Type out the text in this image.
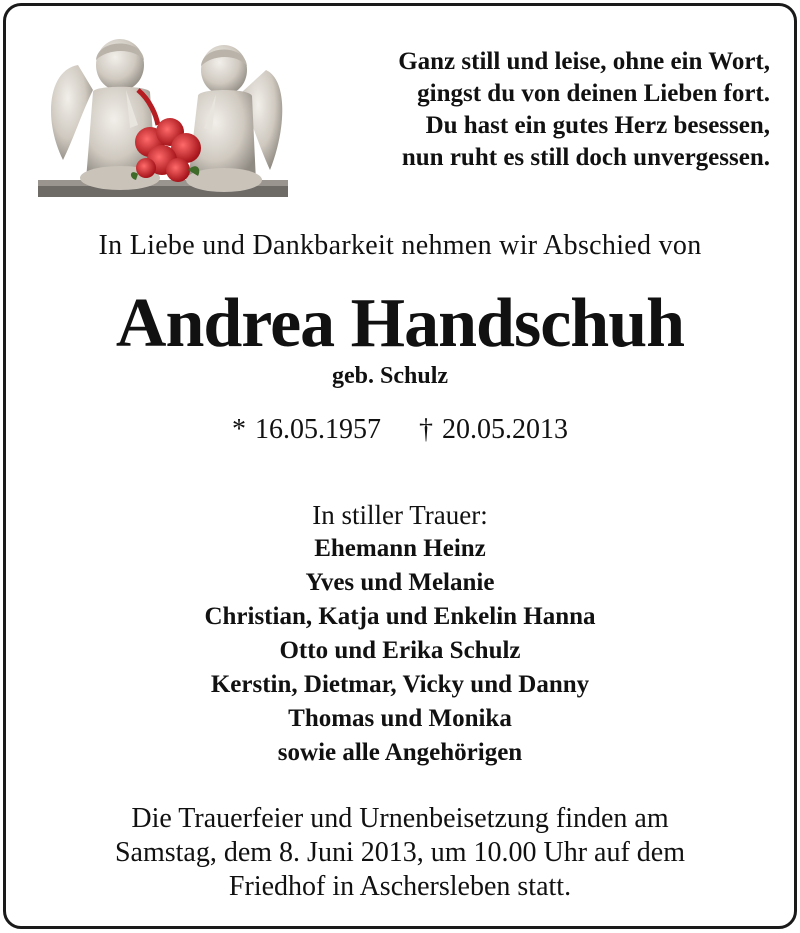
Ganz still und leise, ohne ein Wort,
gingst du von deinen Lieben fort.
Du hast ein gutes Herz besessen,
nun ruht es still doch unvergessen.
In Liebe und Dankbarkeit nehmen wir Abschied von
Andrea Handschuh
geb. Schulz
* 16.05.1957 † 20.05.2013
In stiller Trauer:
Ehemann Heinz
Yves und Melanie
Christian, Katja und Enkelin Hanna
Otto und Erika Schulz
Kerstin, Dietmar, Vicky und Danny
Thomas und Monika
sowie alle Angehörigen
Die Trauerfeier und Urnenbeisetzung finden am
Samstag, dem 8. Juni 2013, um 10.00 Uhr auf dem
Friedhof in Aschersleben statt.
